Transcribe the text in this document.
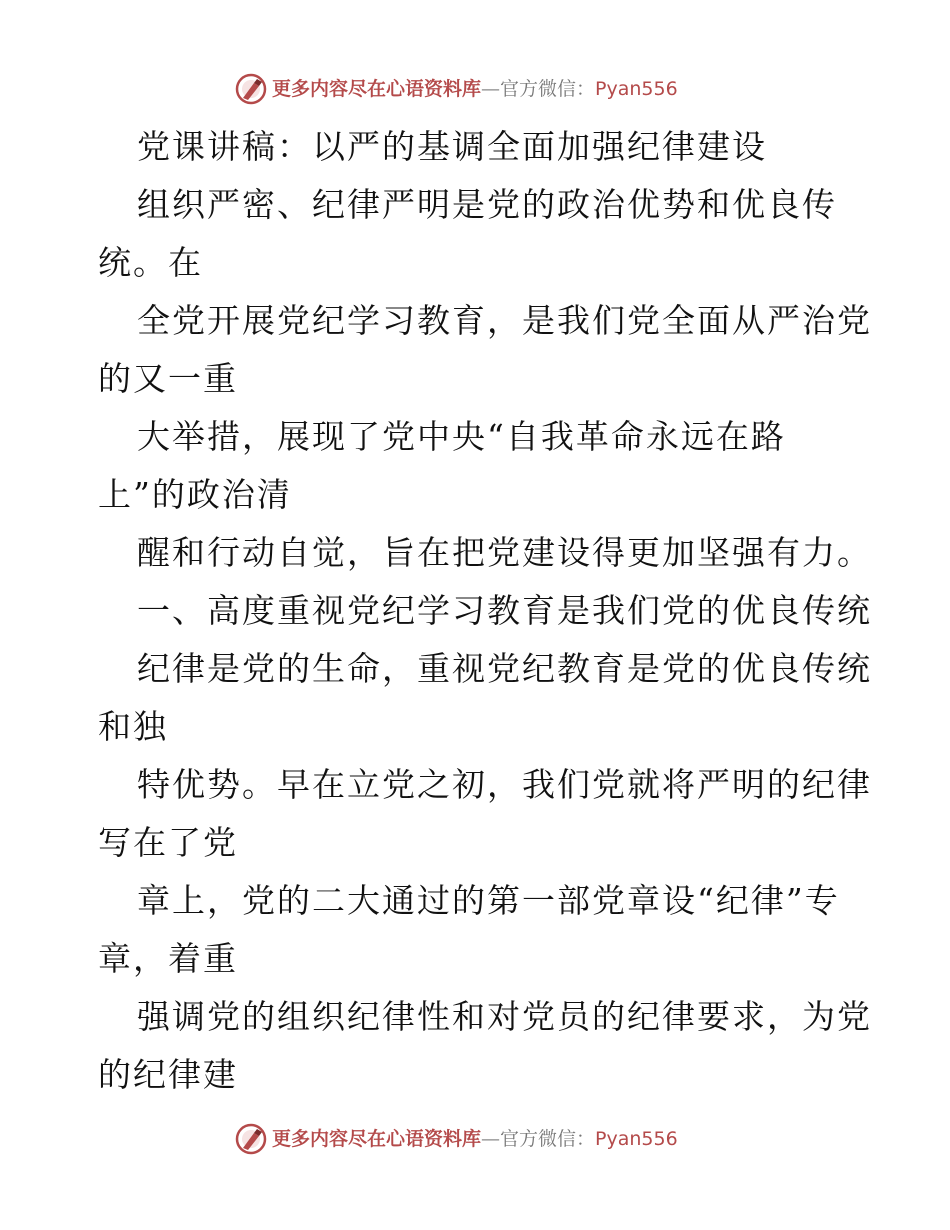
更多内容尽在心语资料库—官方微信：Pyan556
党课讲稿：以严的基调全面加强纪律建设
组织严密、纪律严明是党的政治优势和优良传
统。在
全党开展党纪学习教育，是我们党全面从严治党
的又一重
大举措，展现了党中央“自我革命永远在路
上”的政治清
醒和行动自觉，旨在把党建设得更加坚强有力。
一、高度重视党纪学习教育是我们党的优良传统
纪律是党的生命，重视党纪教育是党的优良传统
和独
特优势。早在立党之初，我们党就将严明的纪律
写在了党
章上，党的二大通过的第一部党章设“纪律”专
章，着重
强调党的组织纪律性和对党员的纪律要求，为党
的纪律建
更多内容尽在心语资料库—官方微信：Pyan556
